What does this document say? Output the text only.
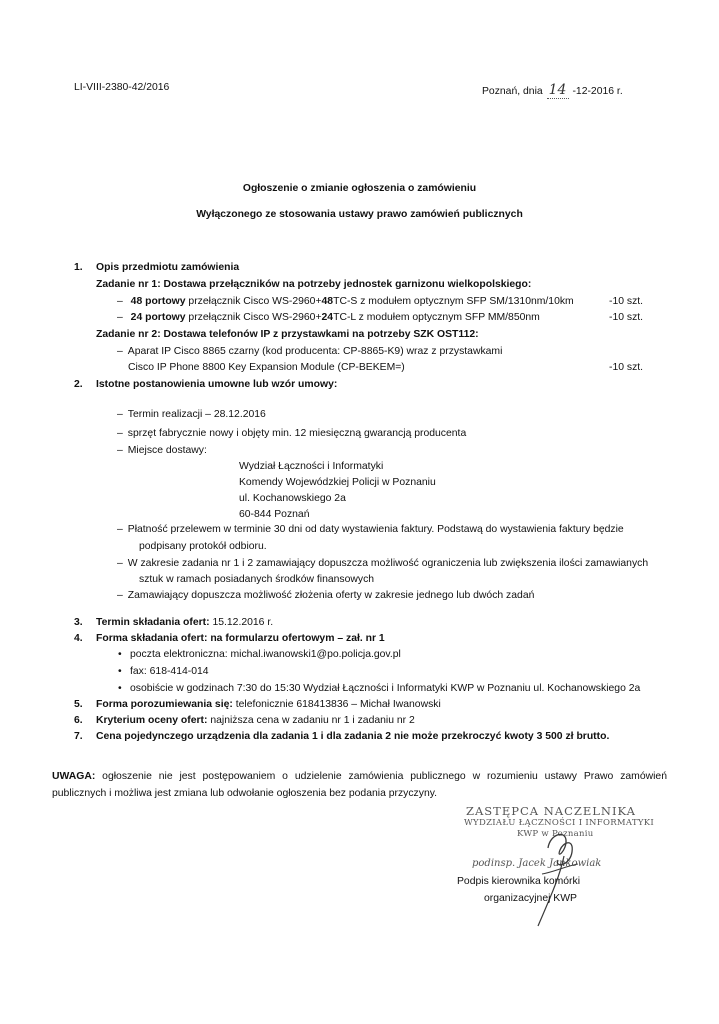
LI-VIII-2380-42/2016	Poznań, dnia 14 -12-2016 r.
Ogłoszenie o zmianie ogłoszenia o zamówieniu
Wyłączonego ze stosowania ustawy prawo zamówień publicznych
1. Opis przedmiotu zamówienia
Zadanie nr 1: Dostawa przełączników na potrzeby jednostek garnizonu wielkopolskiego:
– 48 portowy przełącznik Cisco WS-2960+48TC-S z modułem optycznym SFP SM/1310nm/10km	-10 szt.
– 24 portowy przełącznik Cisco WS-2960+24TC-L z modułem optycznym SFP MM/850nm	-10 szt.
Zadanie nr 2: Dostawa telefonów IP z przystawkami na potrzeby SZK OST112:
– Aparat IP Cisco 8865 czarny (kod producenta: CP-8865-K9) wraz z przystawkami
Cisco IP Phone 8800 Key Expansion Module (CP-BEKEM=)	-10 szt.
2. Istotne postanowienia umowne lub wzór umowy:
– Termin realizacji – 28.12.2016
– sprzęt fabrycznie nowy i objęty min. 12 miesięczną gwarancją producenta
– Miejsce dostawy:
Wydział Łączności i Informatyki
Komendy Wojewódzkiej Policji w Poznaniu
ul. Kochanowskiego 2a
60-844 Poznań
– Płatność przelewem w terminie 30 dni od daty wystawienia faktury. Podstawą do wystawienia faktury będzie
podpisany protokół odbioru.
– W zakresie zadania nr 1 i 2 zamawiający dopuszcza możliwość ograniczenia lub zwiększenia ilości zamawianych
sztuk w ramach posiadanych środków finansowych
– Zamawiający dopuszcza możliwość złożenia oferty w zakresie jednego lub dwóch zadań
3. Termin składania ofert: 15.12.2016 r.
4. Forma składania ofert: na formularzu ofertowym – zał. nr 1
• poczta elektroniczna: michal.iwanowski1@po.policja.gov.pl
• fax: 618-414-014
• osobiście w godzinach 7:30 do 15:30 Wydział Łączności i Informatyki KWP w Poznaniu ul. Kochanowskiego 2a
5. Forma porozumiewania się: telefonicznie 618413836 – Michał Iwanowski
6. Kryterium oceny ofert: najniższa cena w zadaniu nr 1 i zadaniu nr 2
7. Cena pojedynczego urządzenia dla zadania 1 i dla zadania 2 nie może przekroczyć kwoty 3 500 zł brutto.
UWAGA: ogłoszenie nie jest postępowaniem o udzielenie zamówienia publicznego w rozumieniu ustawy Prawo zamówień
publicznych i możliwa jest zmiana lub odwołanie ogłoszenia bez podania przyczyny.
ZASTĘPCA NACZELNIKA
WYDZIAŁU ŁĄCZNOŚCI I INFORMATYKI
KWP w Poznaniu
podinsp. Jacek Jankowiak
Podpis kierownika komórki
organizacyjnej KWP
